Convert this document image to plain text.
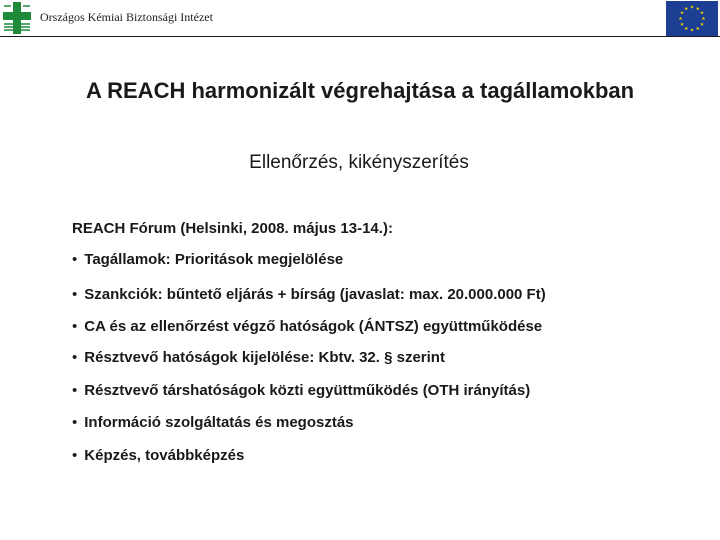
Országos Kémiai Biztonsági Intézet
A REACH harmonizált végrehajtása a tagállamokban
Ellenőrzés, kikényszerítés
REACH Fórum (Helsinki, 2008. május 13-14.):
• Tagállamok: Prioritások megjelölése
• Szankciók: bűntető eljárás + bírság (javaslat: max. 20.000.000 Ft)
• CA és az ellenőrzést végző hatóságok (ÁNTSZ) együttműködése
• Résztvevő hatóságok kijelölése: Kbtv. 32. § szerint
• Résztvevő társhatóságok közti együttműködés (OTH irányítás)
• Információ szolgáltatás és megosztás
• Képzés, továbbképzés
